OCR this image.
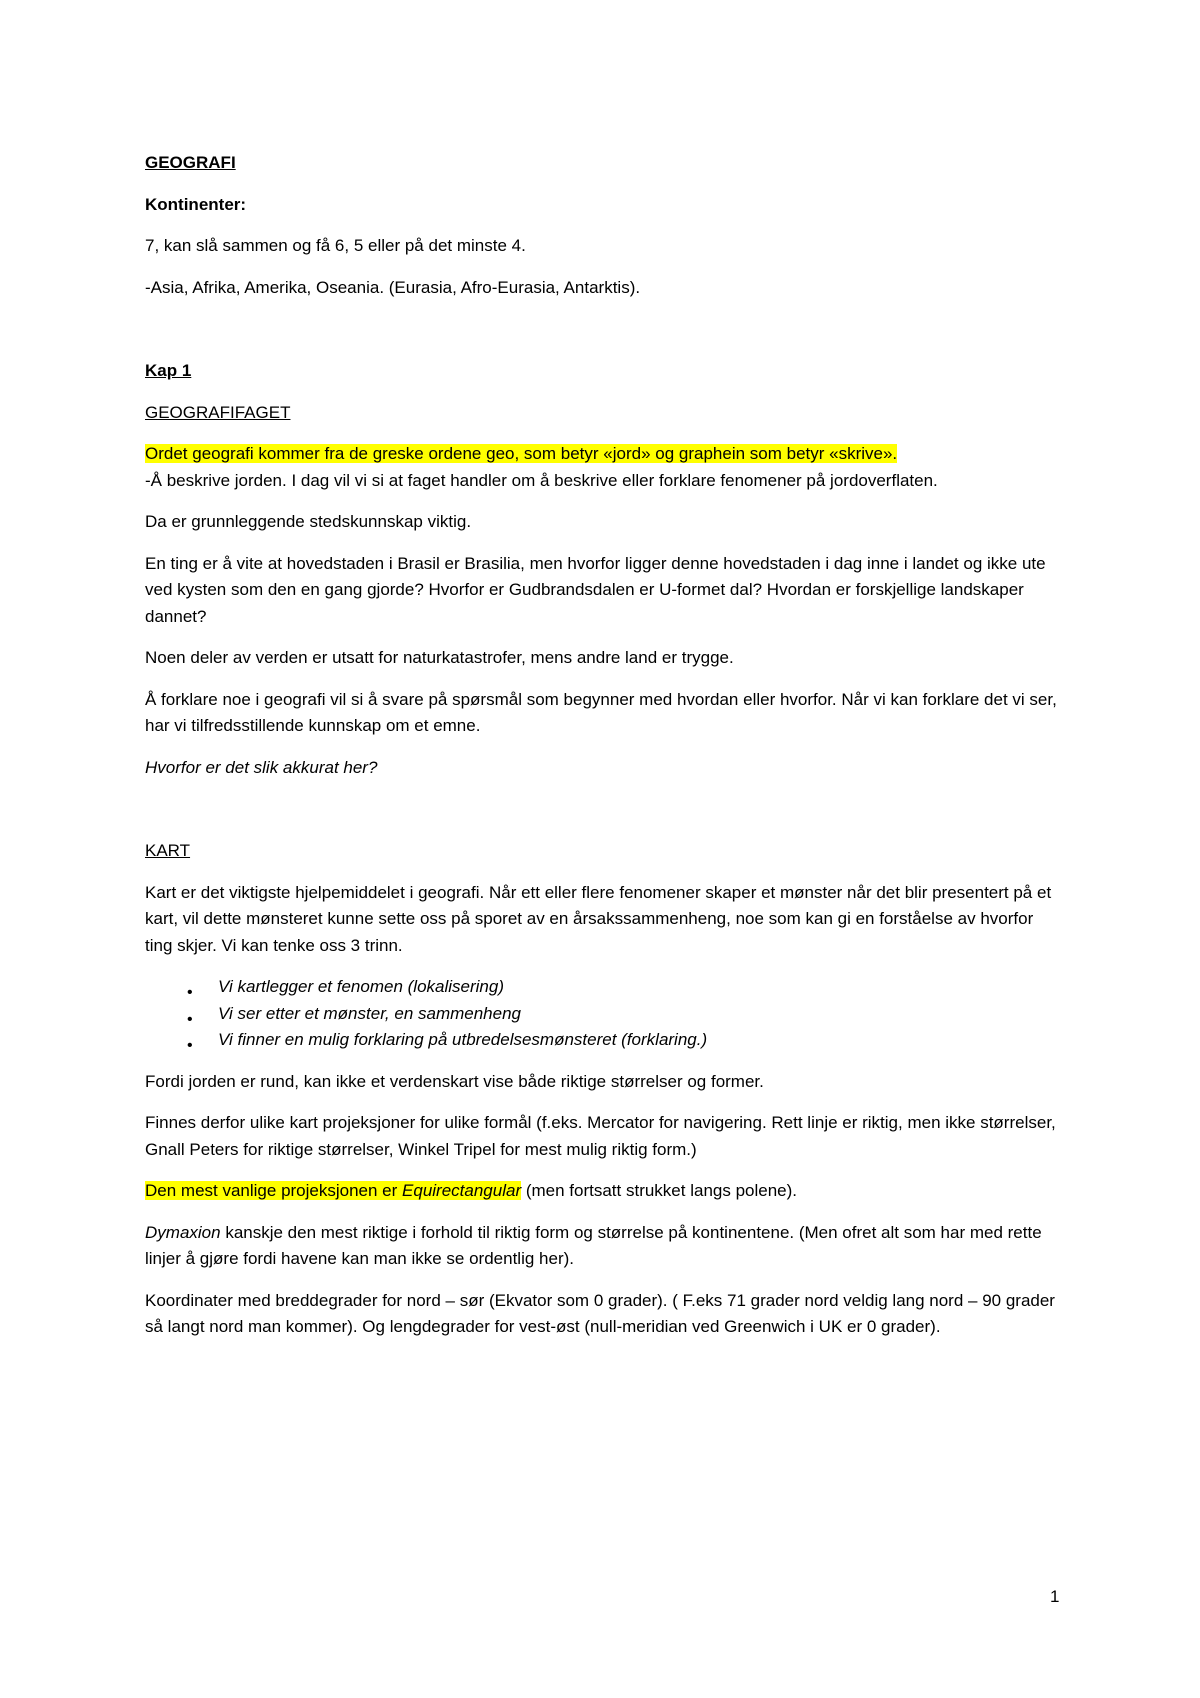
GEOGRAFI

Kontinenter:

7, kan slå sammen og få 6, 5 eller på det minste 4.

-Asia, Afrika, Amerika, Oseania. (Eurasia, Afro-Eurasia, Antarktis).

Kap 1

GEOGRAFIFAGET

Ordet geografi kommer fra de greske ordene geo, som betyr «jord» og graphein som betyr «skrive».
-Å beskrive jorden. I dag vil vi si at faget handler om å beskrive eller forklare fenomener på jordoverflaten.

Da er grunnleggende stedskunnskap viktig.

En ting er å vite at hovedstaden i Brasil er Brasilia, men hvorfor ligger denne hovedstaden i dag inne i landet og ikke ute ved kysten som den en gang gjorde? Hvorfor er Gudbrandsdalen er U-formet dal? Hvordan er forskjellige landskaper dannet?

Noen deler av verden er utsatt for naturkatastrofer, mens andre land er trygge.

Å forklare noe i geografi vil si å svare på spørsmål som begynner med hvordan eller hvorfor. Når vi kan forklare det vi ser, har vi tilfredsstillende kunnskap om et emne.

Hvorfor er det slik akkurat her?

KART

Kart er det viktigste hjelpemiddelet i geografi. Når ett eller flere fenomener skaper et mønster når det blir presentert på et kart, vil dette mønsteret kunne sette oss på sporet av en årsakssammenheng, noe som kan gi en forståelse av hvorfor ting skjer. Vi kan tenke oss 3 trinn.

• Vi kartlegger et fenomen (lokalisering)
• Vi ser etter et mønster, en sammenheng
• Vi finner en mulig forklaring på utbredelsesmønsteret (forklaring.)

Fordi jorden er rund, kan ikke et verdenskart vise både riktige størrelser og former.

Finnes derfor ulike kart projeksjoner for ulike formål (f.eks. Mercator for navigering. Rett linje er riktig, men ikke størrelser, Gnall Peters for riktige størrelser, Winkel Tripel for mest mulig riktig form.)

Den mest vanlige projeksjonen er Equirectangular (men fortsatt strukket langs polene).

Dymaxion kanskje den mest riktige i forhold til riktig form og størrelse på kontinentene. (Men ofret alt som har med rette linjer å gjøre fordi havene kan man ikke se ordentlig her).

Koordinater med breddegrader for nord – sør (Ekvator som 0 grader). ( F.eks 71 grader nord veldig lang nord – 90 grader så langt nord man kommer). Og lengdegrader for vest-øst (null-meridian ved Greenwich i UK er 0 grader).

1
